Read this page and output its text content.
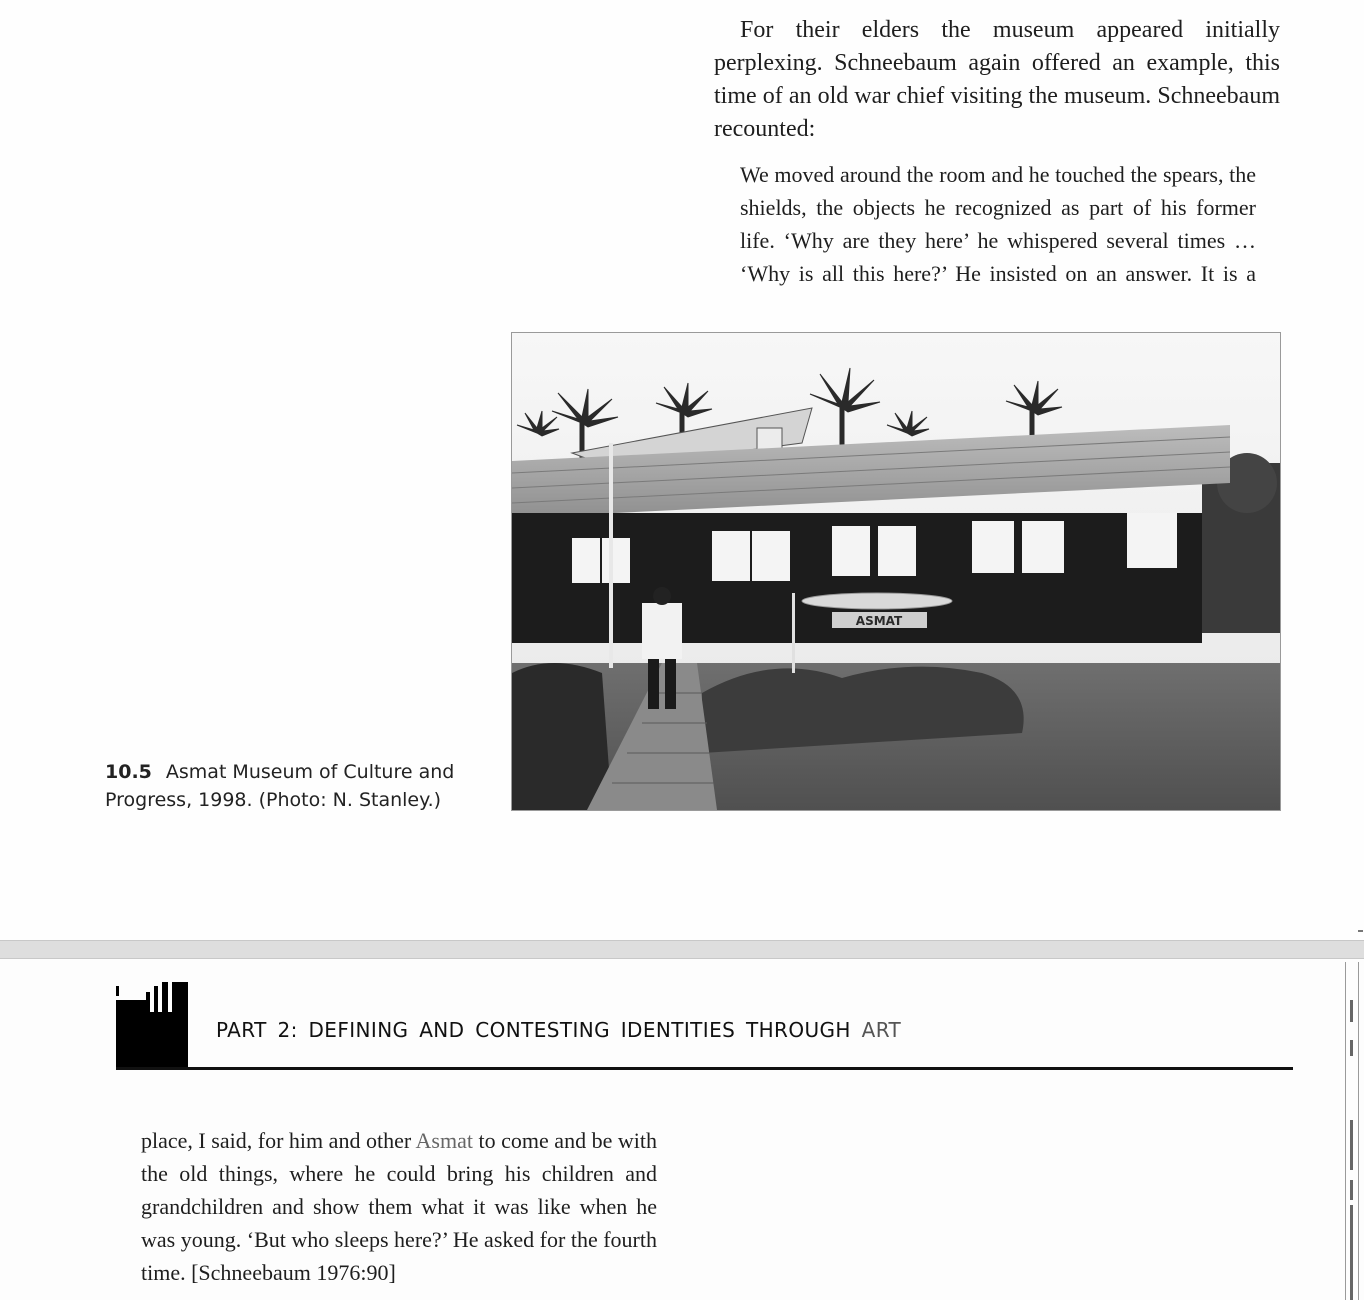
For their elders the museum appeared initially perplexing. Schneebaum again offered an example, this time of an old war chief visiting the museum. Schneebaum recounted:

We moved around the room and he touched the spears, the shields, the objects he recognized as part of his former life. ‘Why are they here’ he whispered several times … ‘Why is all this here?’ He insisted on an answer. It is a

ASMAT

10.5 Asmat Museum of Culture and Progress, 1998. (Photo: N. Stanley.)

PART 2: DEFINING AND CONTESTING IDENTITIES THROUGH ART

place, I said, for him and other Asmat to come and be with the old things, where he could bring his children and grandchildren and show them what it was like when he was young. ‘But who sleeps here?’ He asked for the fourth time. [Schneebaum 1976:90]
